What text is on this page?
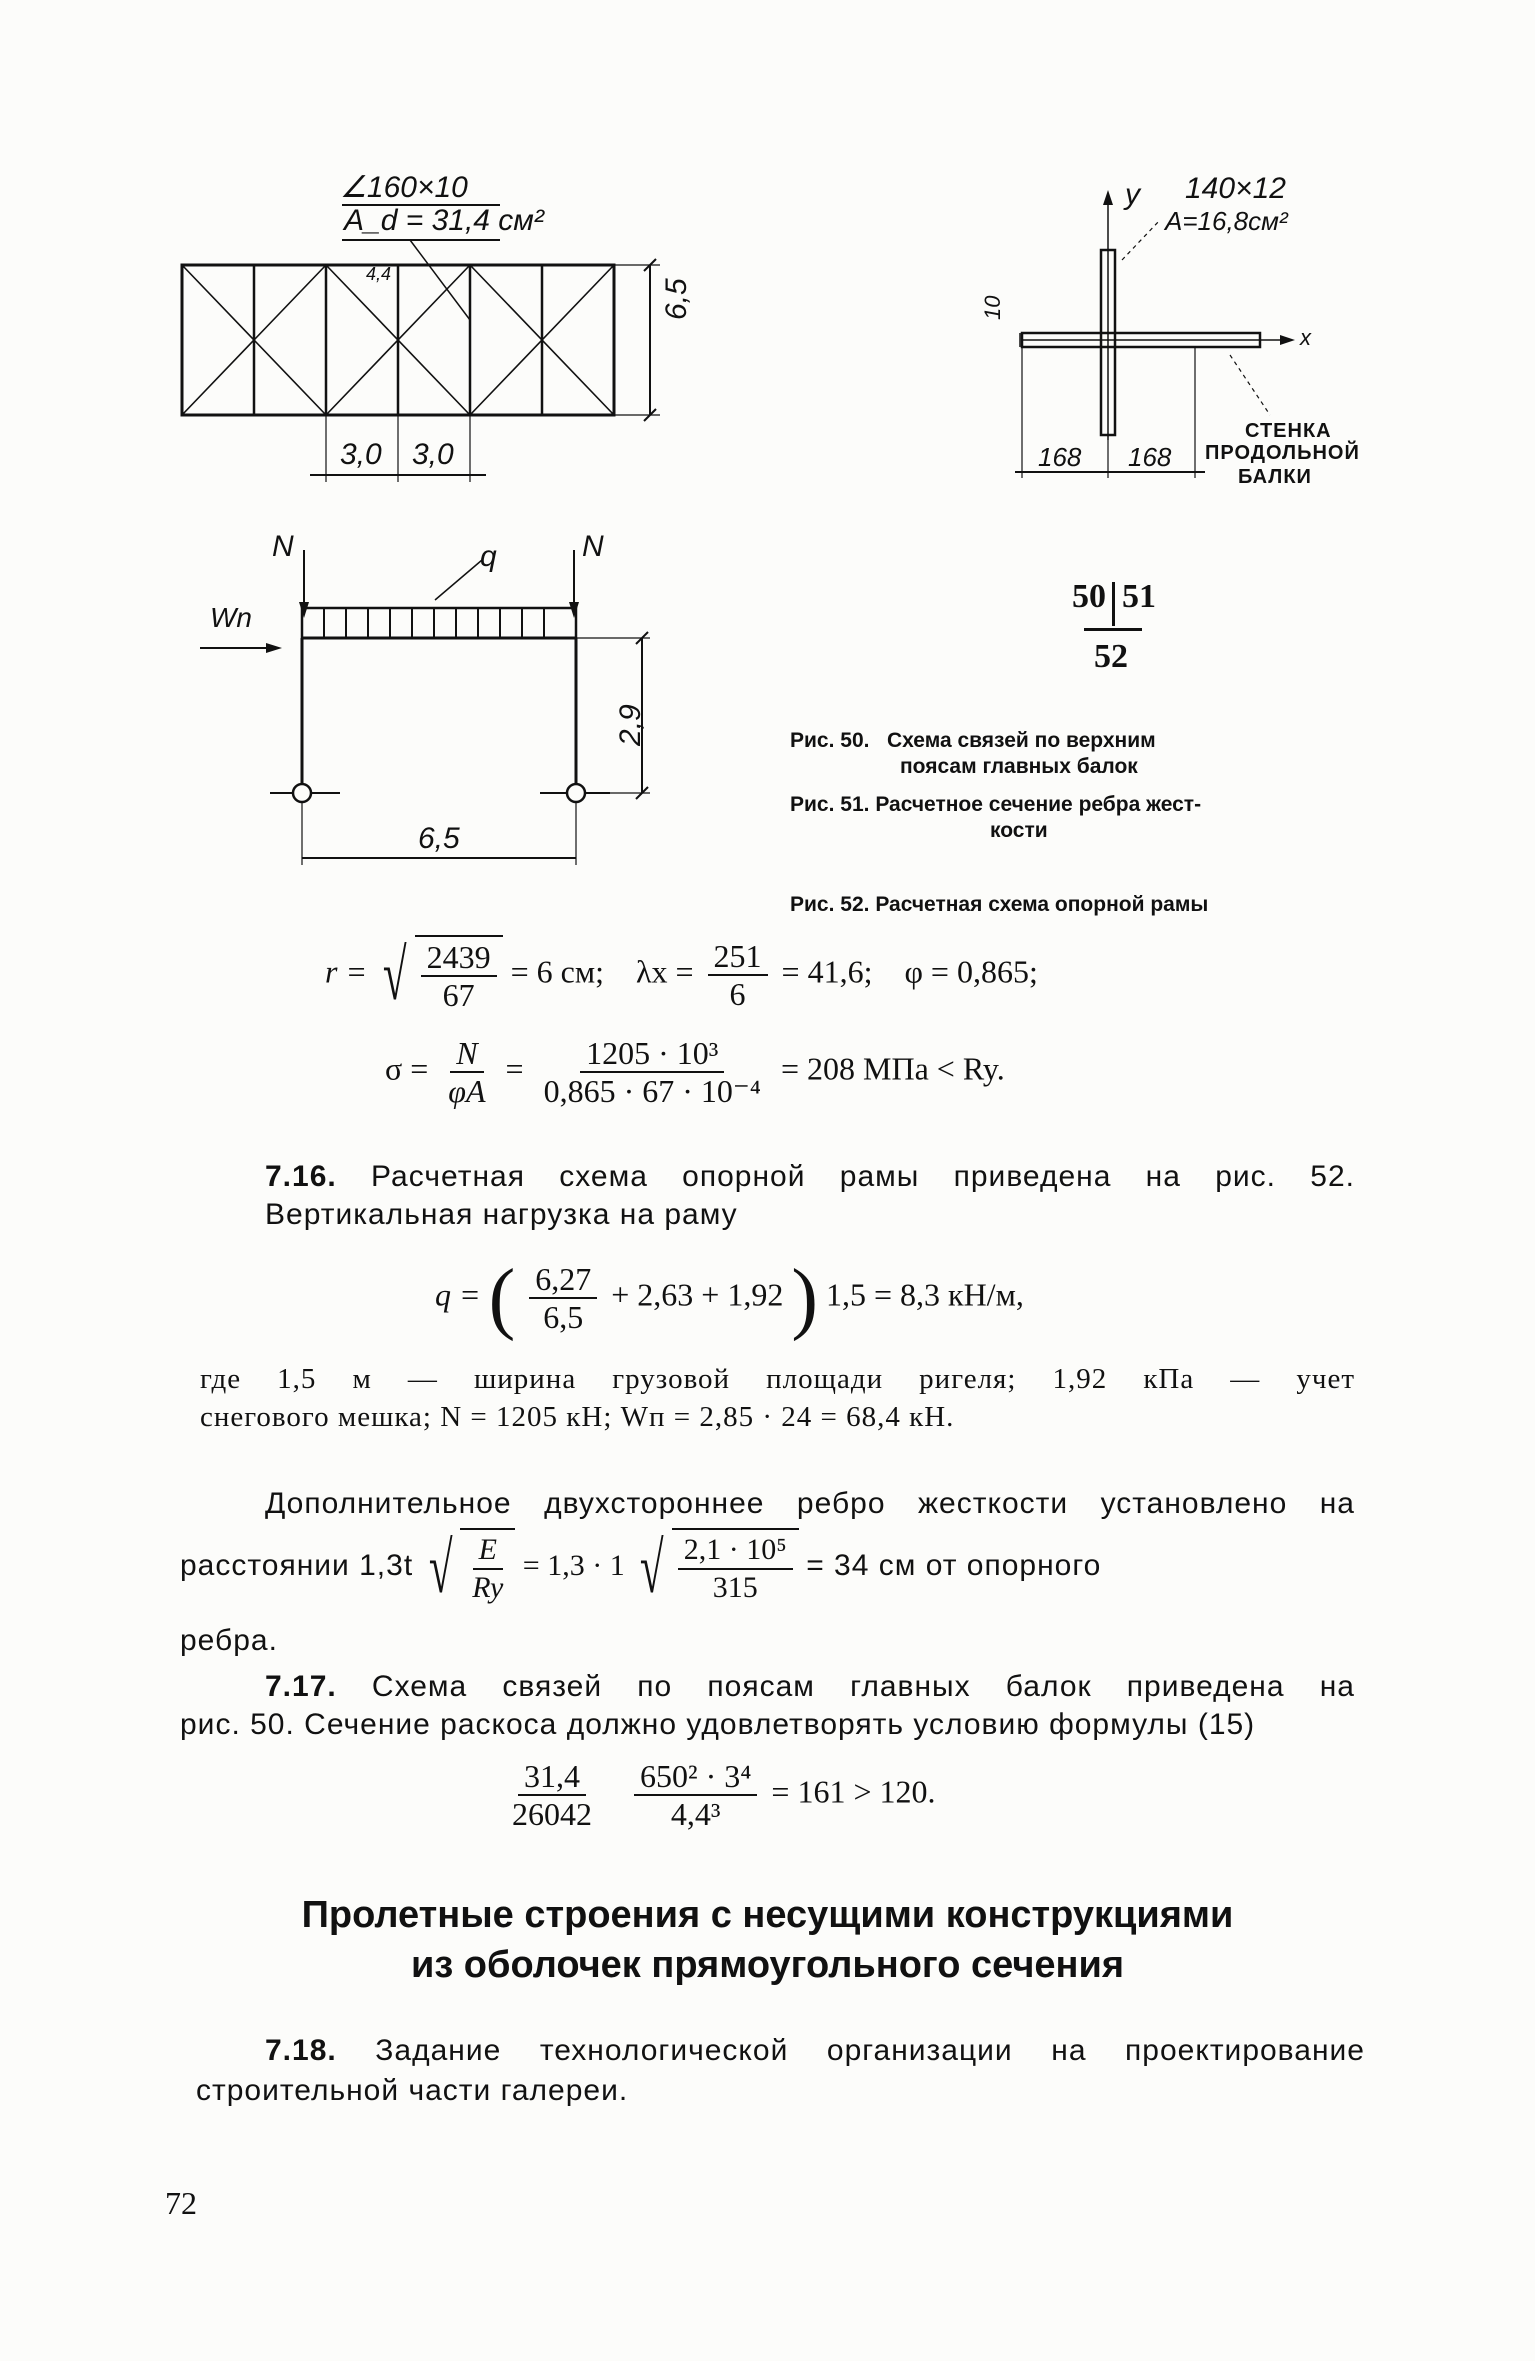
∠160×10
A_d = 31,4 см²
4,4
6,5
3,0 3,0
y 140×12
A=16,8см²
10
x
168 168
СТЕНКА
ПРОДОЛЬНОЙ
БАЛКИ
N	q	N
Wn
2,9
6,5
50 51
52
Рис. 50. Схема связей по верхним
поясам главных балок
Рис. 51. Расчетное сечение ребра жест-
кости
Рис. 52. Расчетная схема опорной рамы
r = √ $\frac{2439}{67} = 6$ см; $\lambda x = \frac{251}{6} = 41,6$; φ = 0,865;
$\sigma = \frac{N}{\varphi A} = \frac{\text{1205 · 10³}}{\text{0,865 · 67 · 10⁻⁴}} = 208$ МПа < Ry.
7.16. Расчетная схема опорной рамы приведена на рис. 52.
Вертикальная нагрузка на раму
q = ( $\frac{6,27}{6,5} + 2,63 + 1,92$ ) 1,5 = 8,3 кН/м,
где 1,5 м — ширина грузовой площади ригеля; 1,92 кПа — учет
снегового мешка; N = 1205 кН; Wп = 2,85 · 24 = 68,4 кН.
Дополнительное двухстороннее ребро жесткости установлено на
расстоянии 1,3t √ $\frac{E}{Ry} = 1,3 \cdot 1$ √ $\frac{\text{2,1 · 10⁵}}{315} = 34$ см от опорного
ребра.
7.17. Схема связей по поясам главных балок приведена на
рис. 50. Сечение раскоса должно удовлетворять условию формулы (15)
$\frac{31,4}{26042}$
$\frac{\text{650² · 3⁴}}{\text{4,4³}} = 161 > 120$.
Пролетные строения с несущими конструкциями
из оболочек прямоугольного сечения
7.18. Задание технологической организации на проектирование
строительной части галереи.
72
